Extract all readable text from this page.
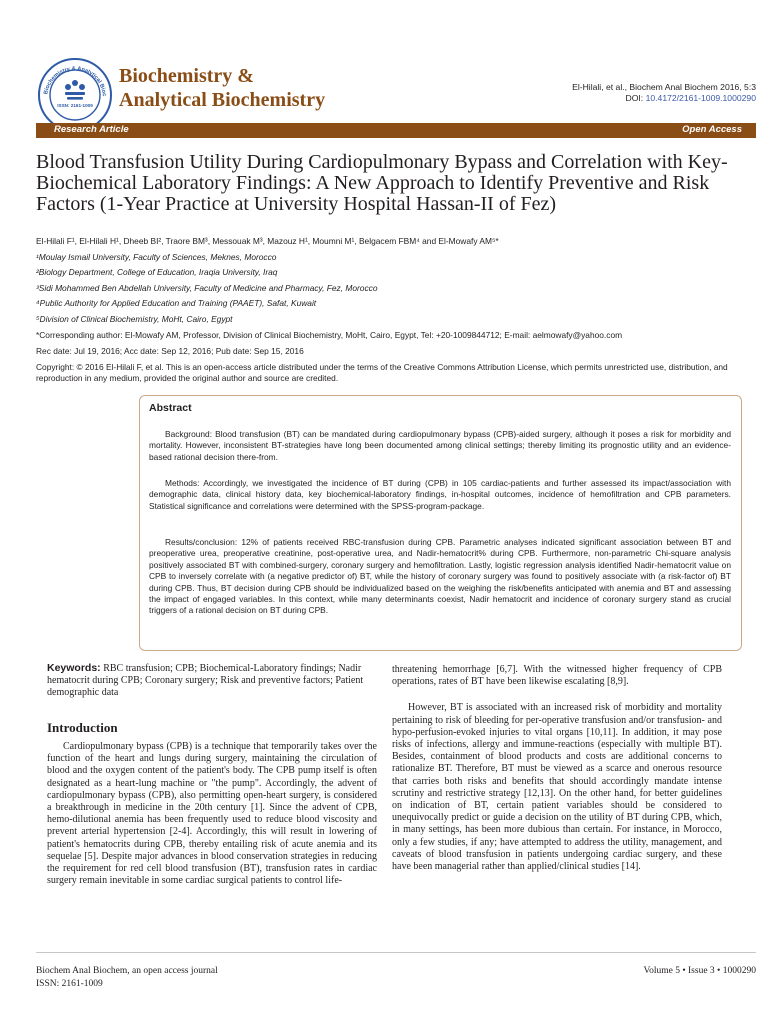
Biochemistry & Analytical Bioc
ISSN: 2161-1009
Biochemistry &
Analytical Biochemistry
El-Hilali, et al., Biochem Anal Biochem 2016, 5:3
DOI: 10.4172/2161-1009.1000290
Research Article	Open Access
Blood Transfusion Utility During Cardiopulmonary Bypass and Correlation with Key-Biochemical Laboratory Findings: A New Approach to Identify Preventive and Risk Factors (1-Year Practice at University Hospital Hassan-II of Fez)
El-Hilali F¹, El-Hilali H¹, Dheeb BI², Traore BM³, Messouak M³, Mazouz H¹, Moumni M¹, Belgacem FBM⁴ and El-Mowafy AM⁵*
¹Moulay Ismail University, Faculty of Sciences, Meknes, Morocco
²Biology Department, College of Education, Iraqia University, Iraq
³Sidi Mohammed Ben Abdellah University, Faculty of Medicine and Pharmacy, Fez, Morocco
⁴Public Authority for Applied Education and Training (PAAET), Safat, Kuwait
⁵Division of Clinical Biochemistry, MoHt, Cairo, Egypt
*Corresponding author: El-Mowafy AM, Professor, Division of Clinical Biochemistry, MoHt, Cairo, Egypt, Tel: +20-1009844712; E-mail: aelmowafy@yahoo.com
Rec date: Jul 19, 2016; Acc date: Sep 12, 2016; Pub date: Sep 15, 2016
Copyright: © 2016 El-Hilali F, et al. This is an open-access article distributed under the terms of the Creative Commons Attribution License, which permits unrestricted use, distribution, and reproduction in any medium, provided the original author and source are credited.
Abstract
Background: Blood transfusion (BT) can be mandated during cardiopulmonary bypass (CPB)-aided surgery, although it poses a risk for morbidity and mortality. However, inconsistent BT-strategies have long been documented among clinical settings; thereby limiting its prognostic utility and an evidence-based rational decision there-from.
Methods: Accordingly, we investigated the incidence of BT during (CPB) in 105 cardiac-patients and further assessed its impact/association with demographic data, clinical history data, key biochemical-laboratory findings, in-hospital outcomes, incidence of hemofiltration and CPB parameters. Statistical significance and correlations were determined with the SPSS-program-package.
Results/conclusion: 12% of patients received RBC-transfusion during CPB. Parametric analyses indicated significant association between BT and preoperative urea, preoperative creatinine, post-operative urea, and Nadir-hematocrit% during CPB. Furthermore, non-parametric Chi-square analysis positively associated BT with combined-surgery, coronary surgery and hemofiltration. Lastly, logistic regression analysis identified Nadir-hematocrit value on CPB to inversely correlate with (a negative predictor of) BT, while the history of coronary surgery was found to positively associate with (a risk-factor of) BT during CPB. Thus, BT decision during CPB should be individualized based on the weighing the risk/benefits anticipated with anemia and BT and assessing the impact of engaged variables. In this context, while many determinants coexist, Nadir hematocrit and incidence of coronary surgery stand as crucial triggers of a rational decision on BT during CPB.
Keywords: RBC transfusion; CPB; Biochemical-Laboratory findings; Nadir hematocrit during CPB; Coronary surgery; Risk and preventive factors; Patient demographic data
Introduction

Cardiopulmonary bypass (CPB) is a technique that temporarily takes over the function of the heart and lungs during surgery, maintaining the circulation of blood and the oxygen content of the patient's body. The CPB pump itself is often designated as a heart-lung machine or "the pump". Accordingly, the advent of cardiopulmonary bypass (CPB), also permitting open-heart surgery, is considered a breakthrough in medicine in the 20th century [1]. Since the advent of CPB, hemo-dilutional anemia has been frequently used to reduce blood viscosity and prevent arterial hypertension [2-4]. Accordingly, this will result in lowering of patient's hematocrits during CPB, thereby entailing risk of acute anemia and its sequelae [5]. Despite major advances in blood conservation strategies in reducing the requirement for red cell blood transfusion (BT), transfusion rates in cardiac surgery remain inevitable in some cardiac surgical patients to control life-

threatening hemorrhage [6,7]. With the witnessed higher frequency of CPB operations, rates of BT have been likewise escalating [8,9].

However, BT is associated with an increased risk of morbidity and mortality pertaining to risk of bleeding for per-operative transfusion and/or transfusion- and hypo-perfusion-evoked injuries to vital organs [10,11]. In addition, it may pose risks of infections, allergy and immune-reactions (especially with multiple BT). Besides, containment of blood products and costs are additional concerns to rationalize BT. Therefore, BT must be viewed as a scarce and onerous resource that carries both risks and benefits that should accordingly mandate intense scrutiny and restrictive strategy [12,13]. On the other hand, for better guidelines on indication of BT, certain patient variables should be considered to unequivocally predict or guide a decision on the utility of BT during CPB, which, in many settings, has been more dubious than certain. For instance, in Morocco, only a few studies, if any; have attempted to address the utility, management, and caveats of blood transfusion in patients undergoing cardiac surgery, and these have been managerial rather than applied/clinical studies [14].

Biochem Anal Biochem, an open access journal
ISSN: 2161-1009
Volume 5 • Issue 3 • 1000290
